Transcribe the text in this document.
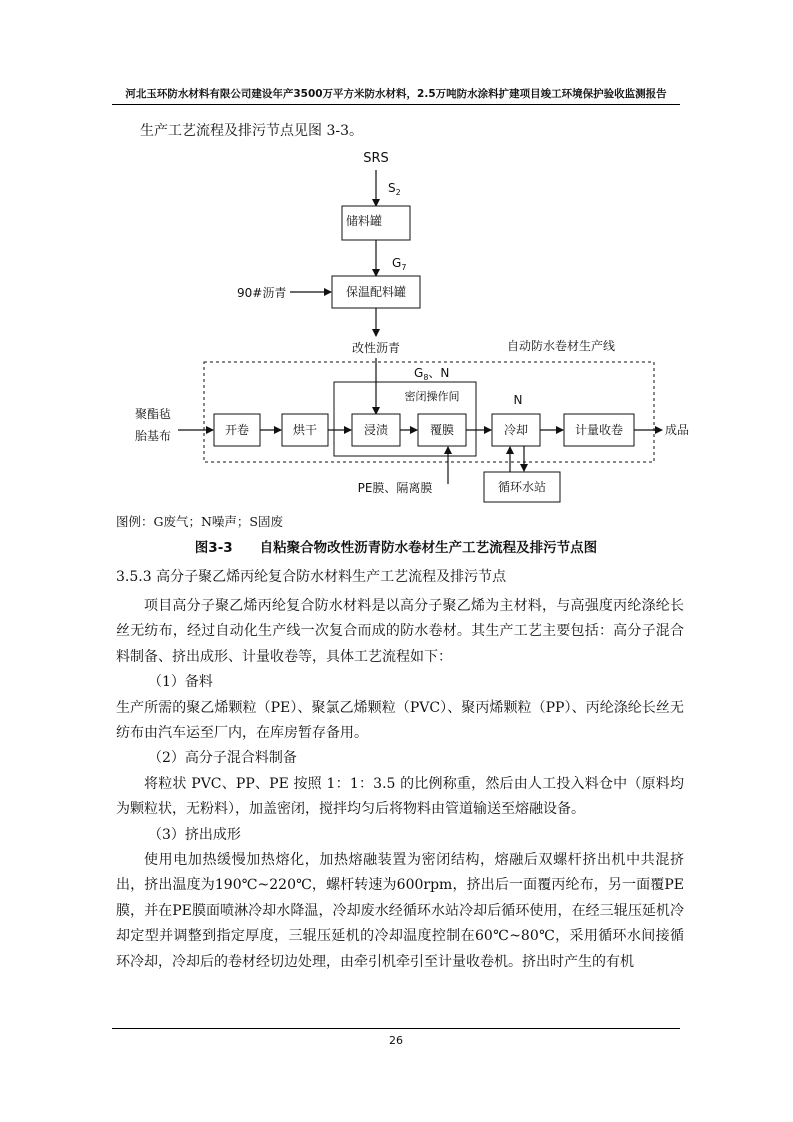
河北玉环防水材料有限公司建设年产3500万平方米防水材料，2.5万吨防水涂料扩建项目竣工环境保护验收监测报告
生产工艺流程及排污节点见图 3-3。
SRS
$S_2$
储料罐
$G_7$
90#沥青	保温配料罐
改性沥青	自动防水卷材生产线
密闭操作间
$G_8$、N
聚酯毡
胎基布	开卷	烘干	浸渍	覆膜
N
冷却	计量收卷	成品
PE膜、隔离膜	循环水站
图例：G废气；N噪声；S固废
图3-3　　自粘聚合物改性沥青防水卷材生产工艺流程及排污节点图
3.5.3 高分子聚乙烯丙纶复合防水材料生产工艺流程及排污节点

项目高分子聚乙烯丙纶复合防水材料是以高分子聚乙烯为主材料，与高强度丙纶涤纶长丝无纺布，经过自动化生产线一次复合而成的防水卷材。其生产工艺主要包括：高分子混合料制备、挤出成形、计量收卷等，具体工艺流程如下：

（1）备料

生产所需的聚乙烯颗粒（PE）、聚氯乙烯颗粒（PVC）、聚丙烯颗粒（PP）、丙纶涤纶长丝无纺布由汽车运至厂内，在库房暂存备用。

（2）高分子混合料制备

将粒状 PVC、PP、PE 按照 1：1：3.5 的比例称重，然后由人工投入料仓中（原料均为颗粒状，无粉料），加盖密闭，搅拌均匀后将物料由管道输送至熔融设备。

（3）挤出成形

使用电加热缓慢加热熔化，加热熔融装置为密闭结构，熔融后双螺杆挤出机中共混挤出，挤出温度为190℃~220℃，螺杆转速为600rpm，挤出后一面覆丙纶布，另一面覆PE膜，并在PE膜面喷淋冷却水降温，冷却废水经循环水站冷却后循环使用，在经三辊压延机冷却定型并调整到指定厚度，三辊压延机的冷却温度控制在60℃~80℃，采用循环水间接循环冷却，冷却后的卷材经切边处理，由牵引机牵引至计量收卷机。挤出时产生的有机

26
